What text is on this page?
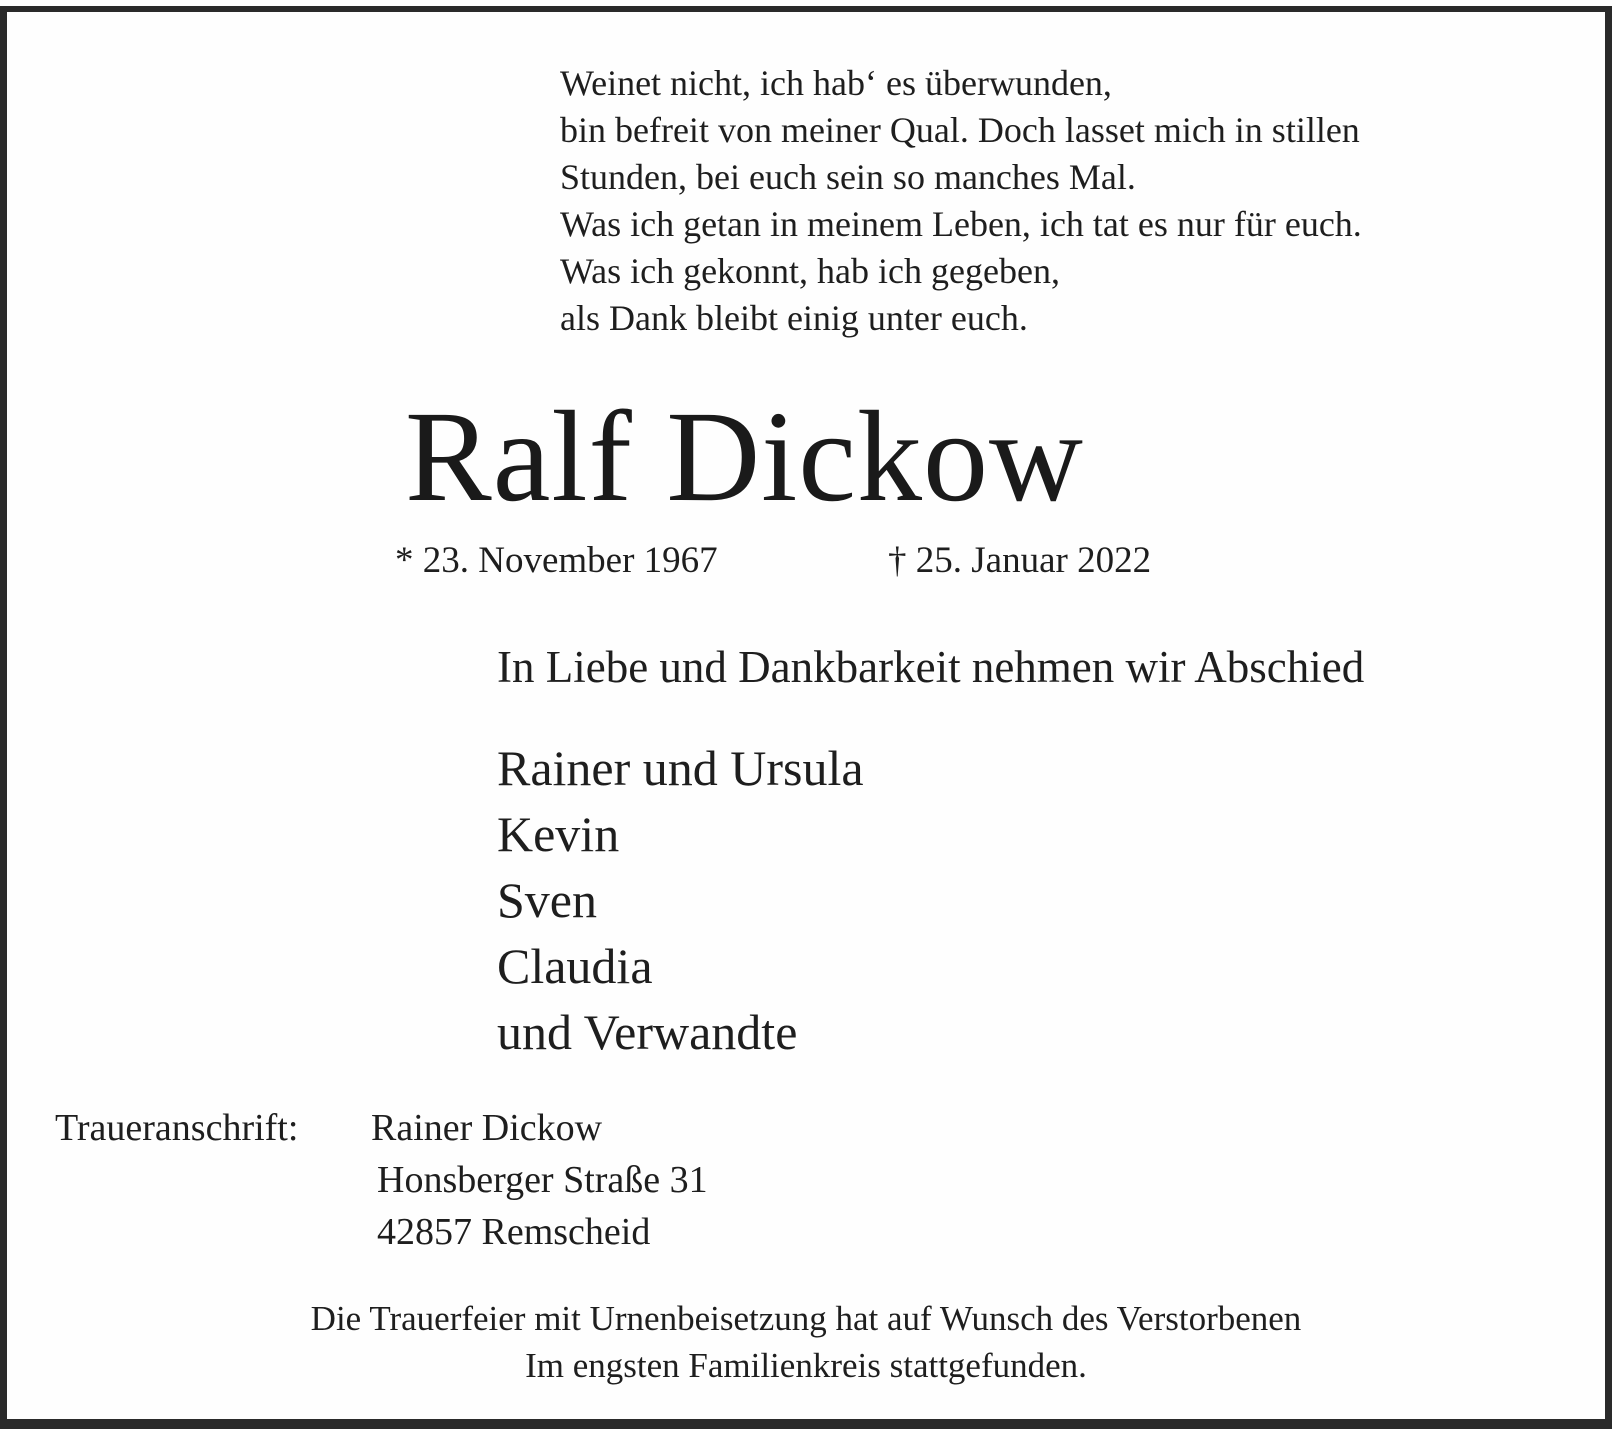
Weinet nicht, ich hab‘ es überwunden,
bin befreit von meiner Qual. Doch lasset mich in stillen
Stunden, bei euch sein so manches Mal.
Was ich getan in meinem Leben, ich tat es nur für euch.
Was ich gekonnt, hab ich gegeben,
als Dank bleibt einig unter euch.
Ralf Dickow
* 23. November 1967	† 25. Januar 2022
In Liebe und Dankbarkeit nehmen wir Abschied
Rainer und Ursula
Kevin
Sven
Claudia
und Verwandte
Traueranschrift: Rainer Dickow
Honsberger Straße 31
42857 Remscheid
Die Trauerfeier mit Urnenbeisetzung hat auf Wunsch des Verstorbenen
Im engsten Familienkreis stattgefunden.
